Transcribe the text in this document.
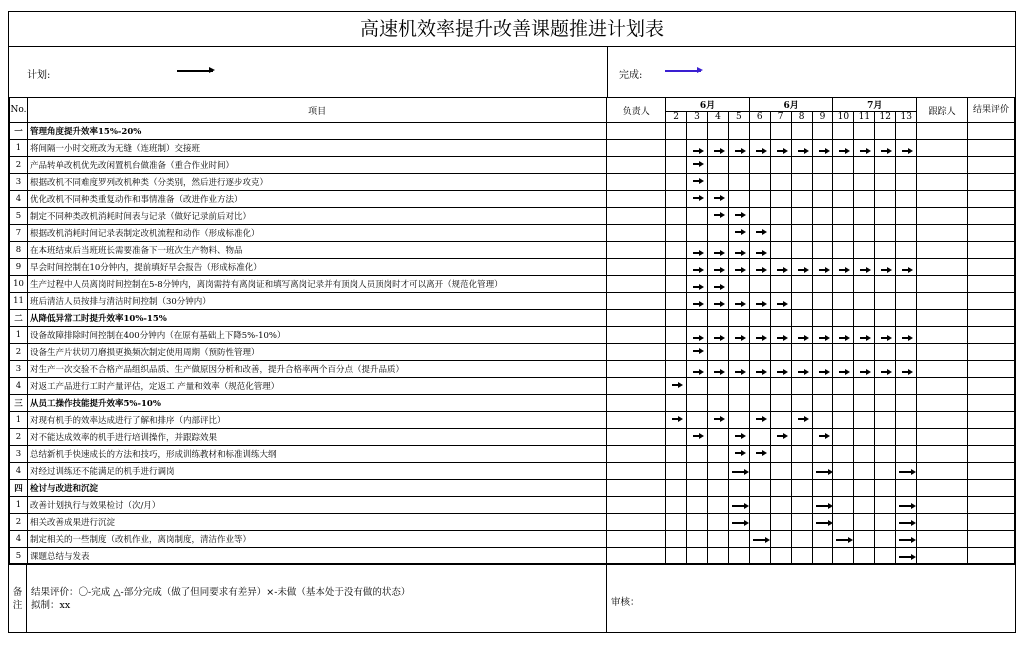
高速机效率提升改善课题推进计划表
计划:	完成:
No.	项目	负责人	6月				6月				7月				跟踪人	结果评价
			2	3	4	5	6	7	8	9	10	11	12	13		
一	管理角度提升效率15%-20%															
1	将间隔一小时交班改为无缝（连班制）交接班			

2	产品转单改机优先改闲置机台做准备（重合作业时间）			

3	根据改机不同难度罗列改机种类（分类别，然后进行逐步攻克）			

4	优化改机不同种类重复动作和事情准备（改进作业方法）			

5	制定不同种类改机消耗时间表与记录（做好记录前后对比）				

7	根据改机消耗时间记录表制定改机流程和动作（形成标准化）					

8	在本班结束后当班班长需要准备下一班次生产物料、物品			

9	早会时间控制在10分钟内，提前填好早会报告（形成标准化）			

10	生产过程中人员离岗时间控制在5-8分钟内，离岗需持有离岗证和填写离岗记录并有顶岗人员顶岗时才可以离开（规范化管理）			

11	班后清洁人员按排与清洁时间控制（30分钟内）			

二	从降低异常工时提升效率10%-15%															
1	设备故障排除时间控制在400分钟内（在原有基础上下降5%-10%）			

2	设备生产片状切刀磨损更换频次制定使用周期（预防性管理）			

3	对生产一次交验不合格产品组织品质、生产做原因分析和改善，提升合格率两个百分点（提升品质）			

4	对返工产品进行工时产量评估，定返工 产量和效率（规范化管理）		

三	从员工操作技能提升效率5%-10%															
1	对现有机手的效率达成进行了解和排序（内部评比）		

2	对不能达成效率的机手进行培训操作，并跟踪效果			

3	总结新机手快速成长的方法和技巧，形成训练教材和标准训练大纲					

4	对经过训练还不能满足的机手进行调岗					

四	检讨与改进和沉淀															
1	改善计划执行与效果检讨（次/月）					

2	相关改善成果进行沉淀					

4	制定相关的一些制度（改机作业，离岗制度，清洁作业等）						

5	课题总结与发表													

备注
结果评价：〇-完成 △-部分完成（做了但同要求有差异）×-未做（基本处于没有做的状态）
拟制：xx	审核：
